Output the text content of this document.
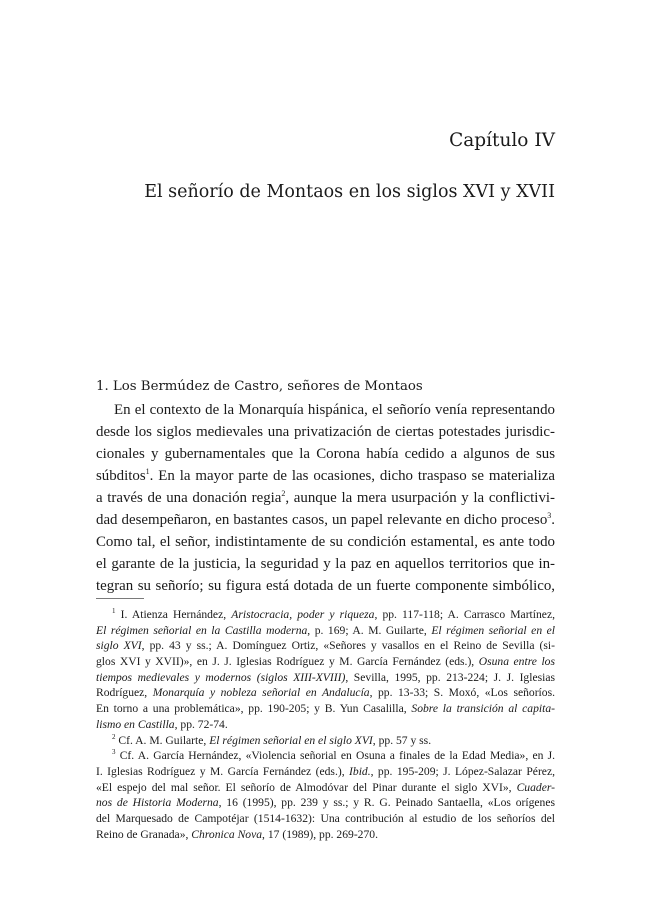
Capítulo IV
El señorío de Montaos en los siglos XVI y XVII
1. Los Bermúdez de Castro, señores de Montaos
En el contexto de la Monarquía hispánica, el señorío venía representando
desde los siglos medievales una privatización de ciertas potestades jurisdic-
cionales y gubernamentales que la Corona había cedido a algunos de sus
súbditos$^1$. En la mayor parte de las ocasiones, dicho traspaso se materializa
a través de una donación regia$^2$, aunque la mera usurpación y la conflictivi-
dad desempeñaron, en bastantes casos, un papel relevante en dicho proceso$^3$.
Como tal, el señor, indistintamente de su condición estamental, es ante todo
el garante de la justicia, la seguridad y la paz en aquellos territorios que in-
tegran su señorío; su figura está dotada de un fuerte componente simbólico,
$^1$ I. Atienza Hernández, Aristocracia, poder y riqueza, pp. 117-118; A. Carrasco Martínez,
El régimen señorial en la Castilla moderna, p. 169; A. M. Guilarte, El régimen señorial en el
siglo XVI, pp. 43 y ss.; A. Domínguez Ortiz, «Señores y vasallos en el Reino de Sevilla (si-
glos XVI y XVII)», en J. J. Iglesias Rodríguez y M. García Fernández (eds.), Osuna entre los
tiempos medievales y modernos (siglos XIII-XVIII), Sevilla, 1995, pp. 213-224; J. J. Iglesias
Rodríguez, Monarquía y nobleza señorial en Andalucía, pp. 13-33; S. Moxó, «Los señoríos.
En torno a una problemática», pp. 190-205; y B. Yun Casalilla, Sobre la transición al capita-
lismo en Castilla, pp. 72-74.
$^2$ Cf. A. M. Guilarte, El régimen señorial en el siglo XVI, pp. 57 y ss.
$^3$ Cf. A. García Hernández, «Violencia señorial en Osuna a finales de la Edad Media», en J.
I. Iglesias Rodríguez y M. García Fernández (eds.), Ibid., pp. 195-209; J. López-Salazar Pérez,
«El espejo del mal señor. El señorío de Almodóvar del Pinar durante el siglo XVI», Cuader-
nos de Historia Moderna, 16 (1995), pp. 239 y ss.; y R. G. Peinado Santaella, «Los orígenes
del Marquesado de Campotéjar (1514-1632): Una contribución al estudio de los señoríos del
Reino de Granada», Chronica Nova, 17 (1989), pp. 269-270.
